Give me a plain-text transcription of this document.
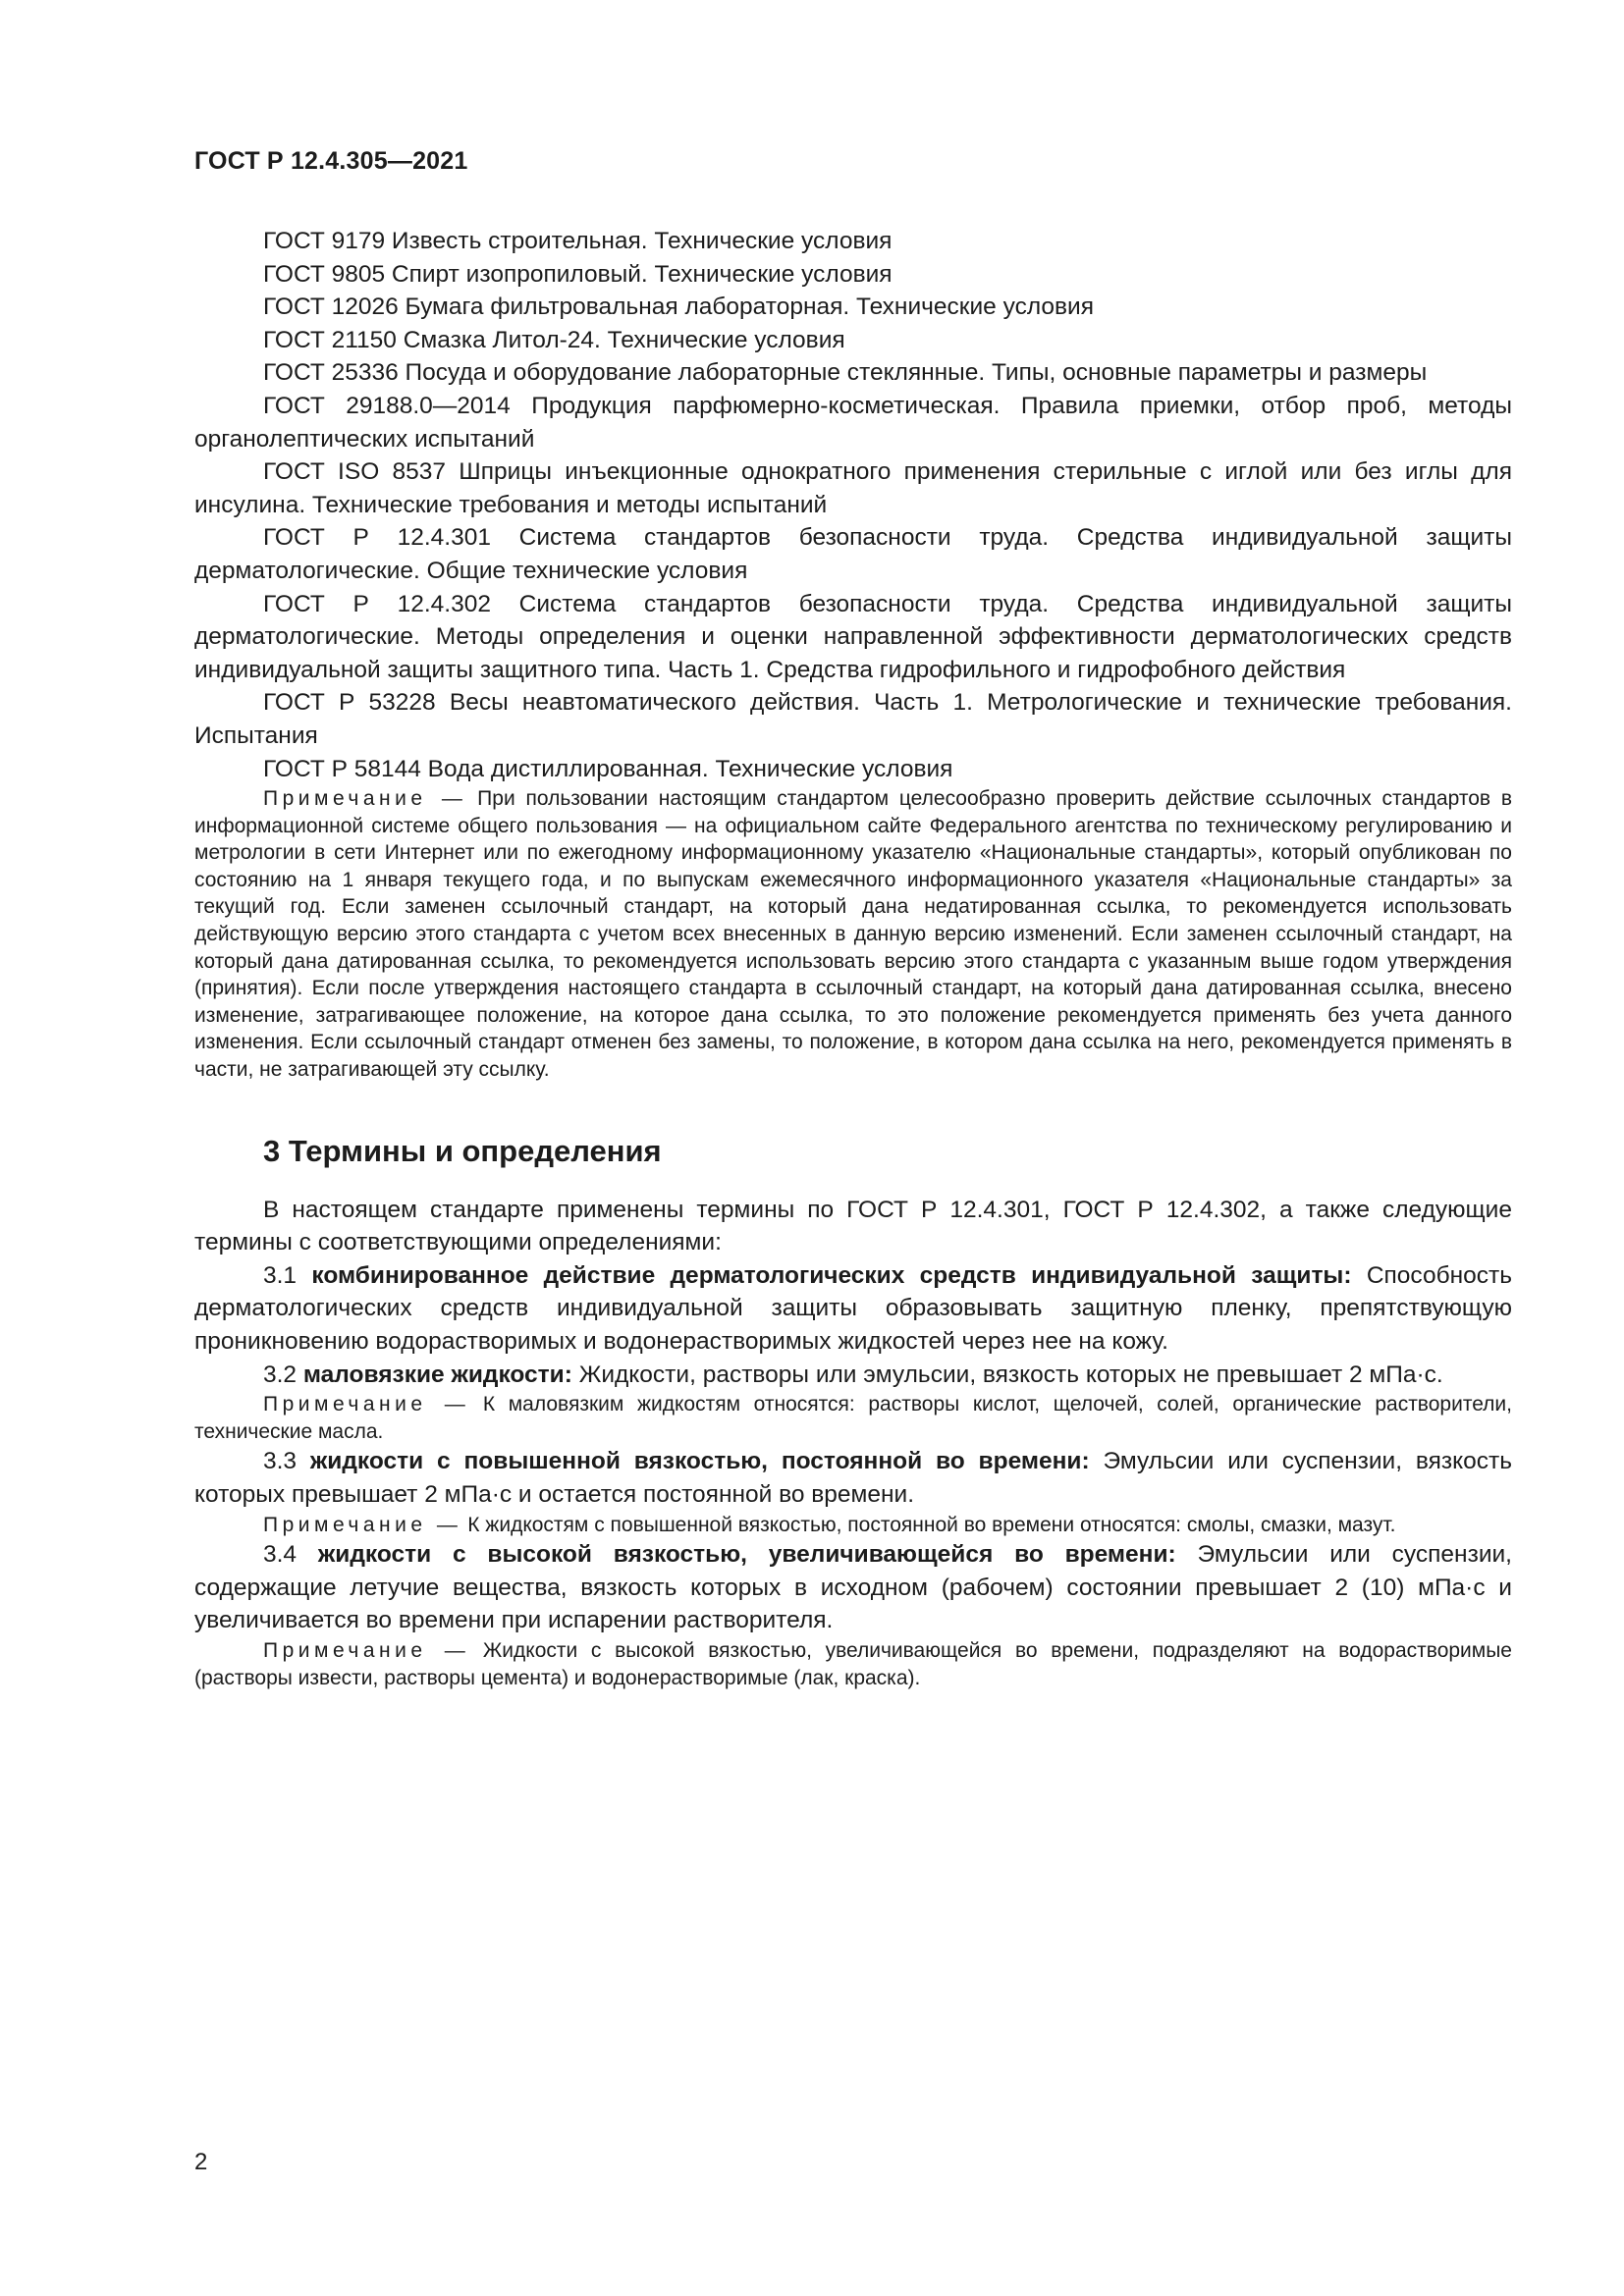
ГОСТ Р 12.4.305—2021

ГОСТ 9179 Известь строительная. Технические условия

ГОСТ 9805 Спирт изопропиловый. Технические условия

ГОСТ 12026 Бумага фильтровальная лабораторная. Технические условия

ГОСТ 21150 Смазка Литол-24. Технические условия

ГОСТ 25336 Посуда и оборудование лабораторные стеклянные. Типы, основные параметры и размеры

ГОСТ 29188.0—2014 Продукция парфюмерно-косметическая. Правила приемки, отбор проб, методы органолептических испытаний

ГОСТ ISO 8537 Шприцы инъекционные однократного применения стерильные с иглой или без иглы для инсулина. Технические требования и методы испытаний

ГОСТ Р 12.4.301 Система стандартов безопасности труда. Средства индивидуальной защиты дерматологические. Общие технические условия

ГОСТ Р 12.4.302 Система стандартов безопасности труда. Средства индивидуальной защиты дерматологические. Методы определения и оценки направленной эффективности дерматологических средств индивидуальной защиты защитного типа. Часть 1. Средства гидрофильного и гидрофобного действия

ГОСТ Р 53228 Весы неавтоматического действия. Часть 1. Метрологические и технические требования. Испытания

ГОСТ Р 58144 Вода дистиллированная. Технические условия

Примечание — При пользовании настоящим стандартом целесообразно проверить действие ссылочных стандартов в информационной системе общего пользования — на официальном сайте Федерального агентства по техническому регулированию и метрологии в сети Интернет или по ежегодному информационному указателю «Национальные стандарты», который опубликован по состоянию на 1 января текущего года, и по выпускам ежемесячного информационного указателя «Национальные стандарты» за текущий год. Если заменен ссылочный стандарт, на который дана недатированная ссылка, то рекомендуется использовать действующую версию этого стандарта с учетом всех внесенных в данную версию изменений. Если заменен ссылочный стандарт, на который дана датированная ссылка, то рекомендуется использовать версию этого стандарта с указанным выше годом утверждения (принятия). Если после утверждения настоящего стандарта в ссылочный стандарт, на который дана датированная ссылка, внесено изменение, затрагивающее положение, на которое дана ссылка, то это положение рекомендуется применять без учета данного изменения. Если ссылочный стандарт отменен без замены, то положение, в котором дана ссылка на него, рекомендуется применять в части, не затрагивающей эту ссылку.

3 Термины и определения

В настоящем стандарте применены термины по ГОСТ Р 12.4.301, ГОСТ Р 12.4.302, а также следующие термины с соответствующими определениями:

3.1 комбинированное действие дерматологических средств индивидуальной защиты: Способность дерматологических средств индивидуальной защиты образовывать защитную пленку, препятствующую проникновению водорастворимых и водонерастворимых жидкостей через нее на кожу.

3.2 маловязкие жидкости: Жидкости, растворы или эмульсии, вязкость которых не превышает 2 мПа·с.

Примечание — К маловязким жидкостям относятся: растворы кислот, щелочей, солей, органические растворители, технические масла.

3.3 жидкости с повышенной вязкостью, постоянной во времени: Эмульсии или суспензии, вязкость которых превышает 2 мПа·с и остается постоянной во времени.

Примечание — К жидкостям с повышенной вязкостью, постоянной во времени относятся: смолы, смазки, мазут.

3.4 жидкости с высокой вязкостью, увеличивающейся во времени: Эмульсии или суспензии, содержащие летучие вещества, вязкость которых в исходном (рабочем) состоянии превышает 2 (10) мПа·с и увеличивается во времени при испарении растворителя.

Примечание — Жидкости с высокой вязкостью, увеличивающейся во времени, подразделяют на водорастворимые (растворы извести, растворы цемента) и водонерастворимые (лак, краска).

2
